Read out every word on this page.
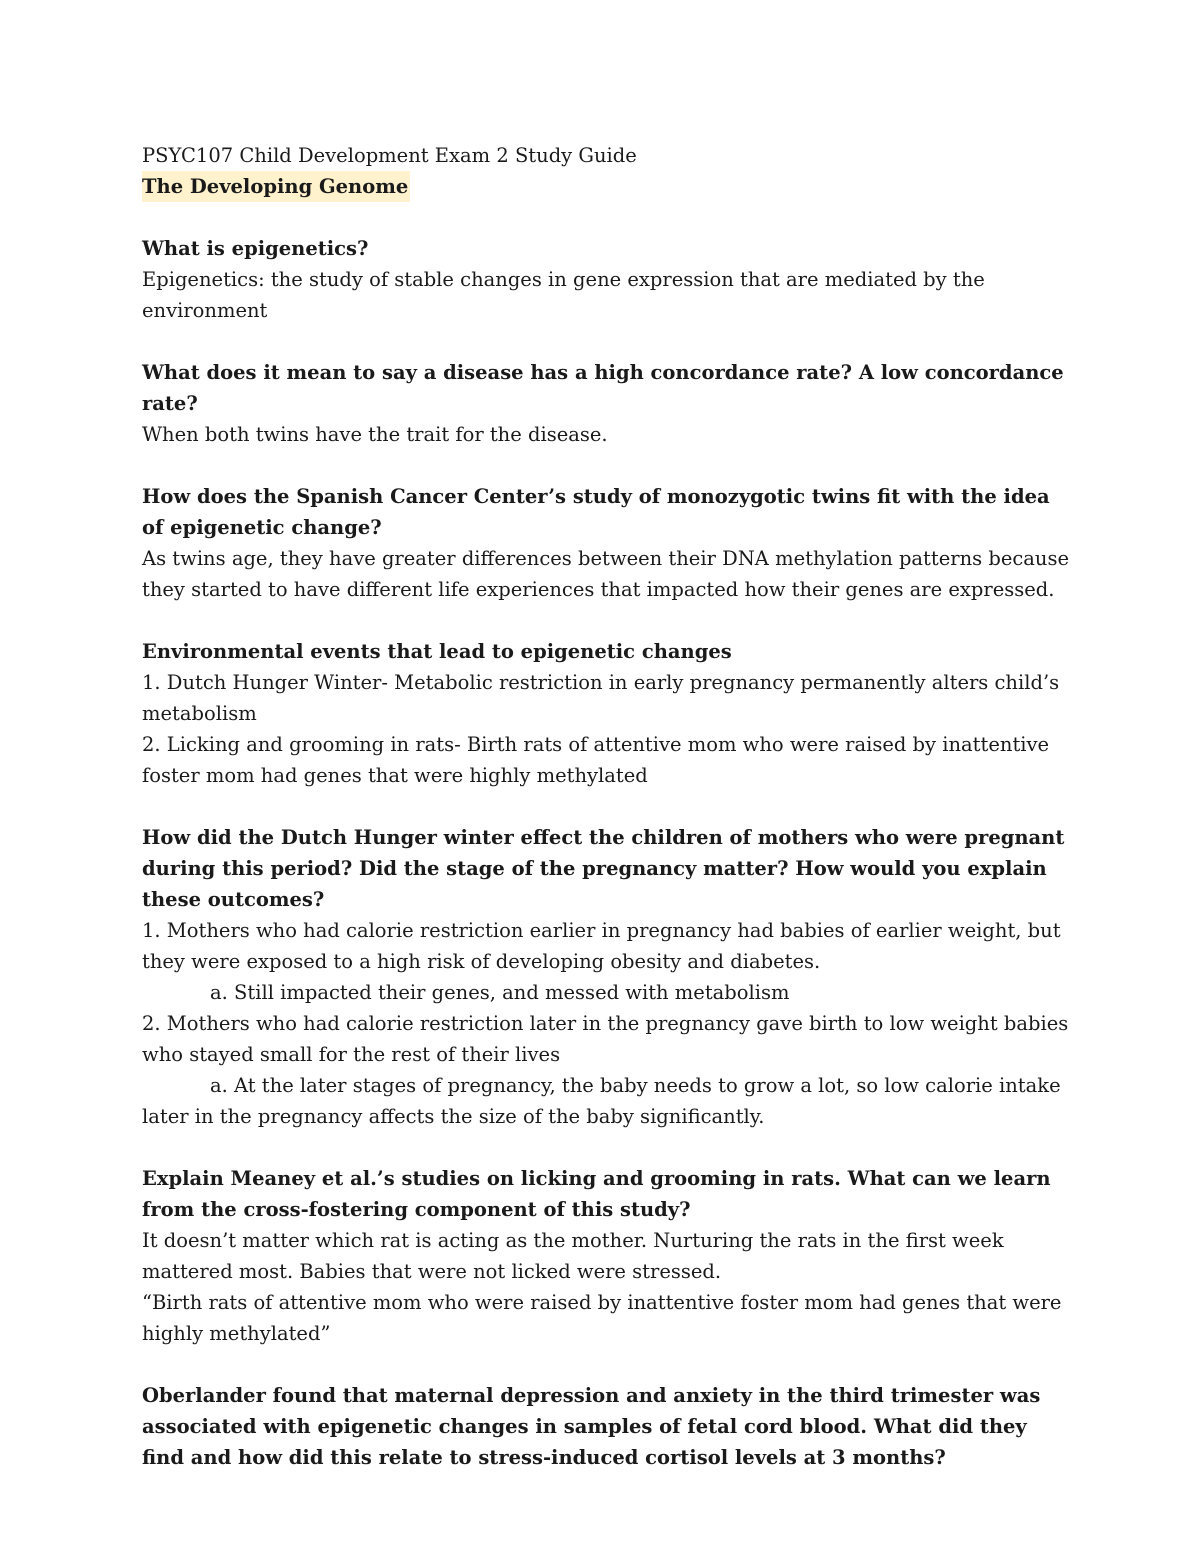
PSYC107 Child Development Exam 2 Study Guide

The Developing Genome

What is epigenetics?

Epigenetics: the study of stable changes in gene expression that are mediated by the environment

What does it mean to say a disease has a high concordance rate? A low concordance rate?

When both twins have the trait for the disease.

How does the Spanish Cancer Center’s study of monozygotic twins fit with the idea of epigenetic change?

As twins age, they have greater differences between their DNA methylation patterns because they started to have different life experiences that impacted how their genes are expressed.

Environmental events that lead to epigenetic changes

1. Dutch Hunger Winter- Metabolic restriction in early pregnancy permanently alters child’s metabolism

2. Licking and grooming in rats- Birth rats of attentive mom who were raised by inattentive foster mom had genes that were highly methylated

How did the Dutch Hunger winter effect the children of mothers who were pregnant during this period? Did the stage of the pregnancy matter? How would you explain these outcomes?

1. Mothers who had calorie restriction earlier in pregnancy had babies of earlier weight, but they were exposed to a high risk of developing obesity and diabetes.

a. Still impacted their genes, and messed with metabolism

2. Mothers who had calorie restriction later in the pregnancy gave birth to low weight babies who stayed small for the rest of their lives

a. At the later stages of pregnancy, the baby needs to grow a lot, so low calorie intake later in the pregnancy affects the size of the baby significantly.

Explain Meaney et al.’s studies on licking and grooming in rats. What can we learn from the cross-fostering component of this study?

It doesn’t matter which rat is acting as the mother. Nurturing the rats in the first week mattered most. Babies that were not licked were stressed.

“Birth rats of attentive mom who were raised by inattentive foster mom had genes that were highly methylated”

Oberlander found that maternal depression and anxiety in the third trimester was associated with epigenetic changes in samples of fetal cord blood. What did they find and how did this relate to stress-induced cortisol levels at 3 months?
